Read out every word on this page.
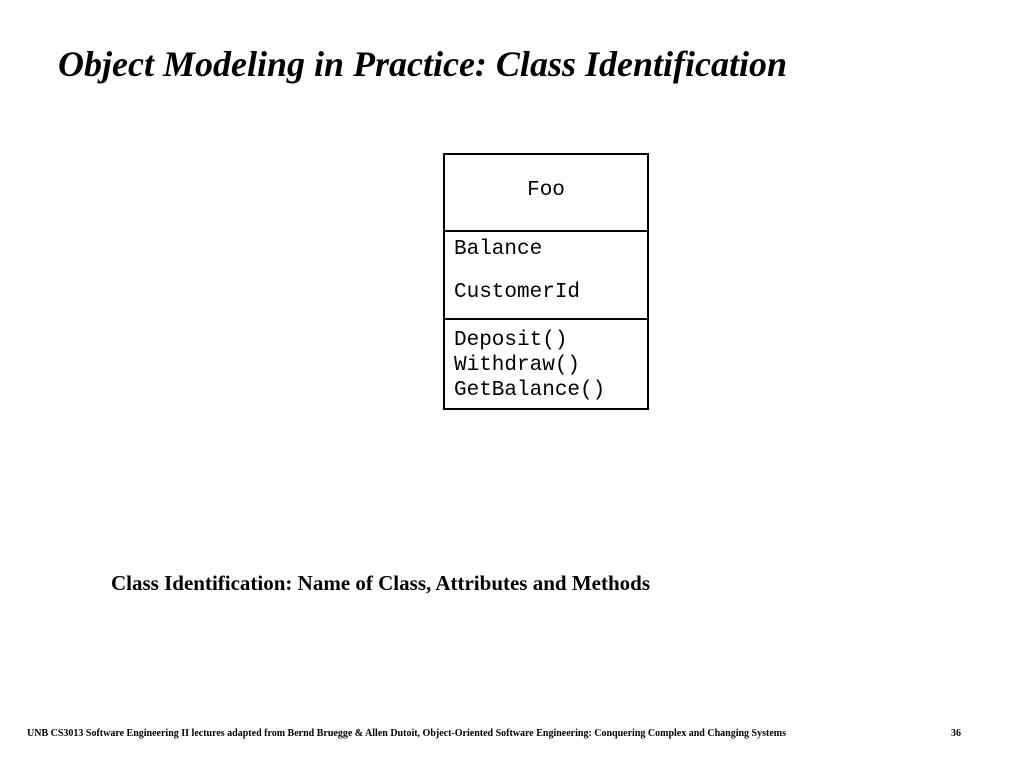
Object Modeling in Practice: Class Identification
Foo
Balance
CustomerId
Deposit()
Withdraw()
GetBalance()
Class Identification: Name of Class, Attributes and Methods
UNB CS3013 Software Engineering II lectures adapted from Bernd Bruegge & Allen Dutoit, Object-Oriented Software Engineering: Conquering Complex and Changing Systems	36
